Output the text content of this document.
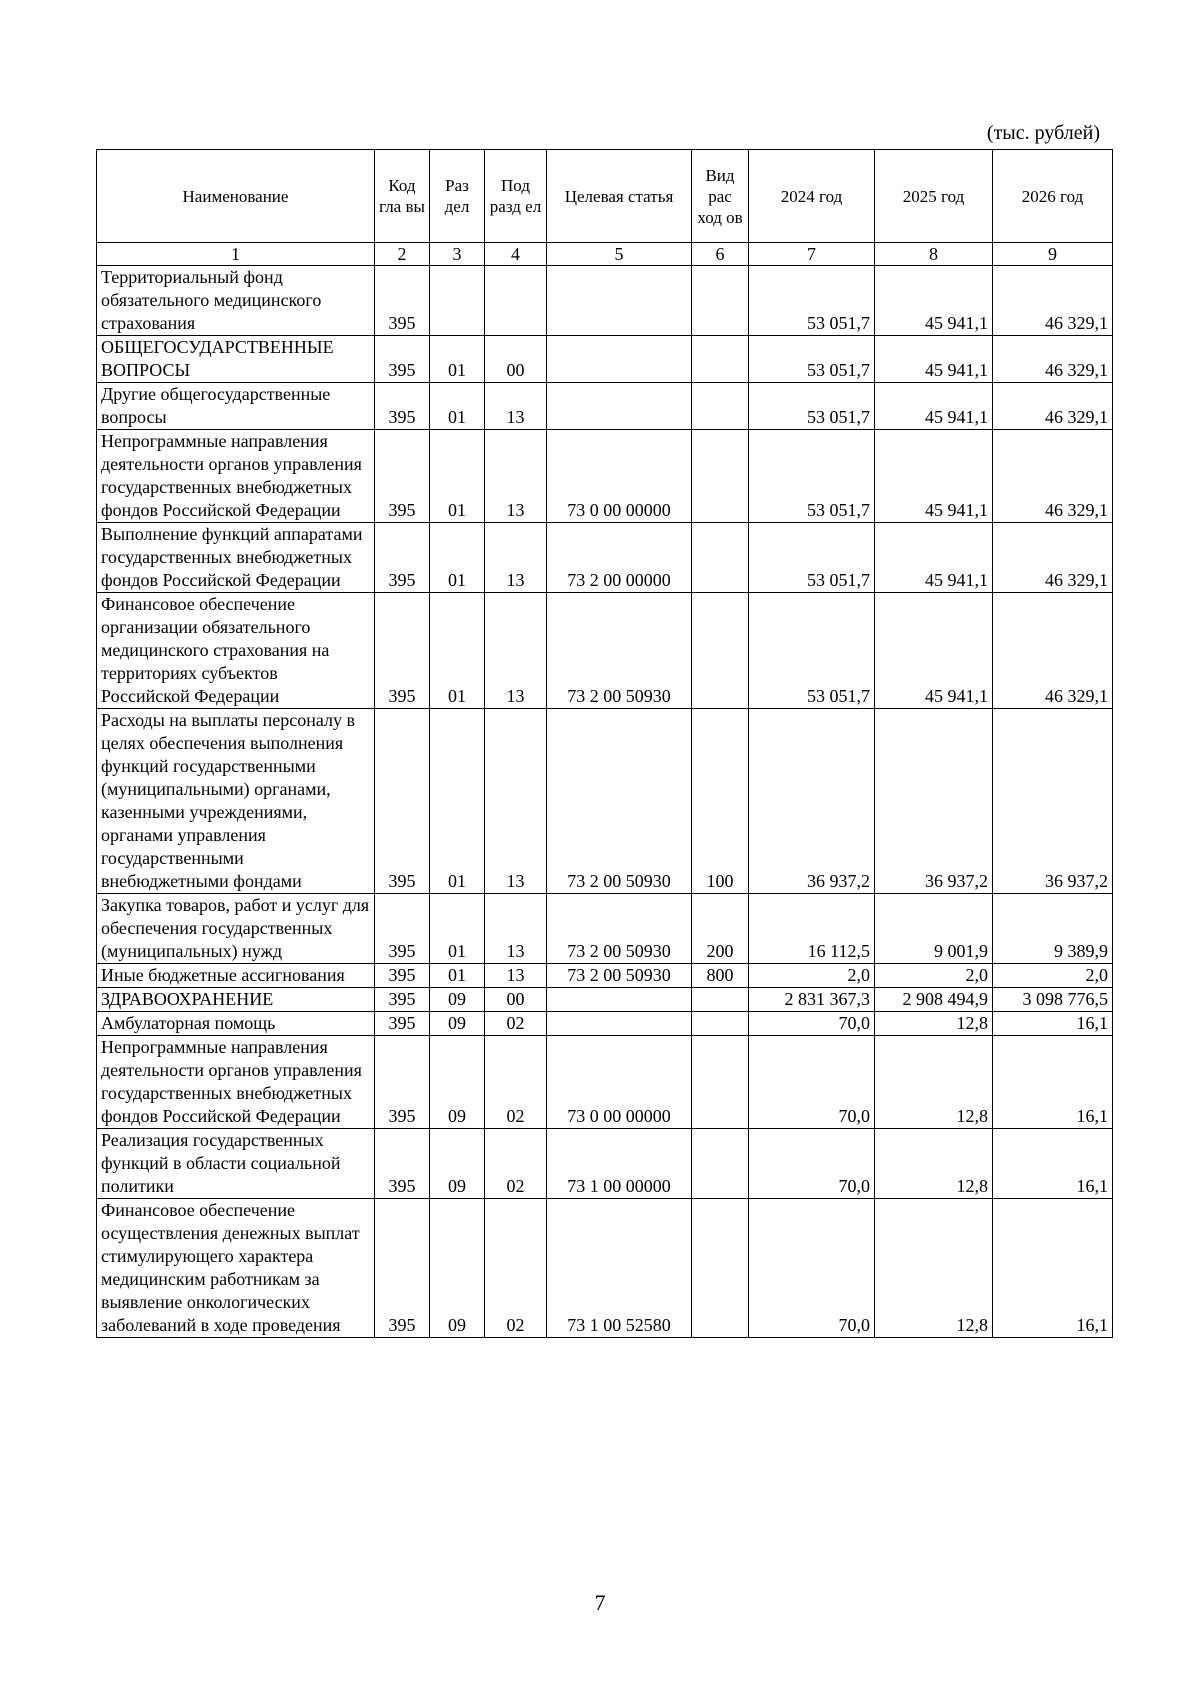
(тыс. рублей)
Наименование	Код гла вы	Раз дел	Под разд ел	Целевая статья	Вид рас ход ов	2024 год	2025 год	2026 год
1	2	3	4	5	6	7	8	9
Территориальный фонд обязательного медицинского страхования	395					53 051,7	45 941,1	46 329,1
ОБЩЕГОСУДАРСТВЕННЫЕ ВОПРОСЫ	395	01	00			53 051,7	45 941,1	46 329,1
Другие общегосударственные вопросы	395	01	13			53 051,7	45 941,1	46 329,1
Непрограммные направления деятельности органов управления государственных внебюджетных фондов Российской Федерации	395	01	13	73 0 00 00000		53 051,7	45 941,1	46 329,1
Выполнение функций аппаратами государственных внебюджетных фондов Российской Федерации	395	01	13	73 2 00 00000		53 051,7	45 941,1	46 329,1
Финансовое обеспечение организации обязательного медицинского страхования на территориях субъектов Российской Федерации	395	01	13	73 2 00 50930		53 051,7	45 941,1	46 329,1
Расходы на выплаты персоналу в целях обеспечения выполнения функций государственными (муниципальными) органами, казенными учреждениями, органами управления государственными внебюджетными фондами	395	01	13	73 2 00 50930	100	36 937,2	36 937,2	36 937,2
Закупка товаров, работ и услуг для обеспечения государственных (муниципальных) нужд	395	01	13	73 2 00 50930	200	16 112,5	9 001,9	9 389,9
Иные бюджетные ассигнования	395	01	13	73 2 00 50930	800	2,0	2,0	2,0
ЗДРАВООХРАНЕНИЕ	395	09	00			2 831 367,3	2 908 494,9	3 098 776,5
Амбулаторная помощь	395	09	02			70,0	12,8	16,1
Непрограммные направления деятельности органов управления государственных внебюджетных фондов Российской Федерации	395	09	02	73 0 00 00000		70,0	12,8	16,1
Реализация государственных функций в области социальной политики	395	09	02	73 1 00 00000		70,0	12,8	16,1
Финансовое обеспечение осуществления денежных выплат стимулирующего характера медицинским работникам за выявление онкологических заболеваний в ходе проведения	395	09	02	73 1 00 52580		70,0	12,8	16,1
7
